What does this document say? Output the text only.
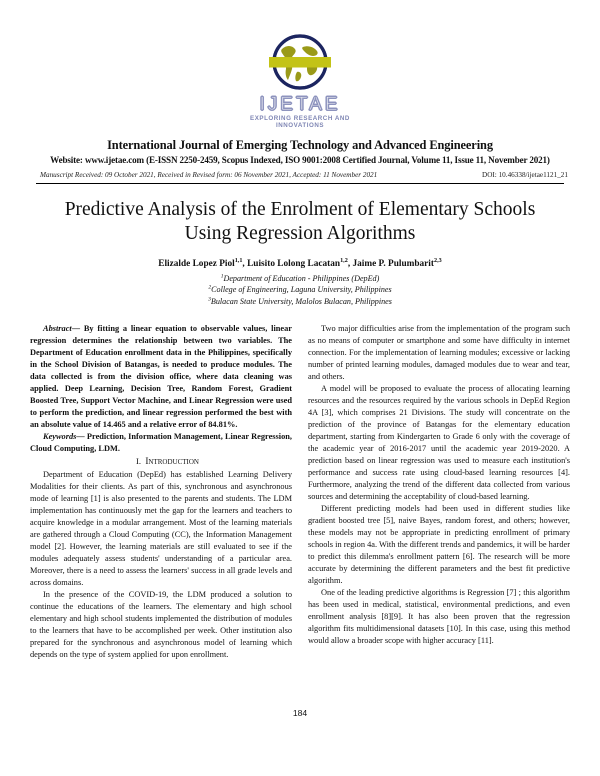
IJETAE
EXPLORING RESEARCH AND INNOVATIONS
International Journal of Emerging Technology and Advanced Engineering
Website: www.ijetae.com (E-ISSN 2250-2459, Scopus Indexed, ISO 9001:2008 Certified Journal, Volume 11, Issue 11, November 2021)
Manuscript Received: 09 October 2021, Received in Revised form: 06 November 2021, Accepted: 11 November 2021	DOI: 10.46338/ijetae1121_21
Predictive Analysis of the Enrolment of Elementary Schools
Using Regression Algorithms
Elizalde Lopez Piol$^{1,1}$, Luisito Lolong Lacatan$^{1,2}$, Jaime P. Pulumbarit$^{2,3}$
$^1$Department of Education - Philippines (DepEd)
$^2$College of Engineering, Laguna University, Philippines
$^3$Bulacan State University, Malolos Bulacan, Philippines

Abstract— By fitting a linear equation to observable values, linear regression determines the relationship between two variables. The Department of Education enrollment data in the Philippines, specifically in the School Division of Batangas, is needed to produce modules. The data collected is from the division office, where data cleaning was applied. Deep Learning, Decision Tree, Random Forest, Gradient Boosted Tree, Support Vector Machine, and Linear Regression were used to perform the prediction, and linear regression performed the best with an absolute value of 14.465 and a relative error of 84.81%.

Keywords— Prediction, Information Management, Linear Regression, Cloud Computing, LDM.

I. Introduction

Department of Education (DepEd) has established Learning Delivery Modalities for their clients. As part of this, synchronous and asynchronous mode of learning [1] is also presented to the parents and students. The LDM implementation has continuously met the gap for the learners and teachers to acquire knowledge in a modular arrangement. Most of the learning materials are gathered through a Cloud Computing (CC), the Information Management model [2]. However, the learning materials are still evaluated to see if the modules adequately assess students' understanding of a particular area. Moreover, there is a need to assess the learners' success in all grade levels and across domains.

In the presence of the COVID-19, the LDM produced a solution to continue the educations of the learners. The elementary and high school elementary and high school students implemented the distribution of modules to the learners that have to be accomplished per week. Other institution also prepared for the synchronous and asynchronous model of learning which depends on the type of system applied for upon enrollment.

Two major difficulties arise from the implementation of the program such as no means of computer or smartphone and some have difficulty in internet connection. For the implementation of learning modules; excessive or lacking number of printed learning modules, damaged modules due to wear and tear, and others.

A model will be proposed to evaluate the process of allocating learning resources and the resources required by the various schools in DepEd Region 4A [3], which comprises 21 Divisions. The study will concentrate on the prediction of the province of Batangas for the elementary education department, starting from Kindergarten to Grade 6 only with the coverage of the academic year of 2016-2017 until the academic year 2019-2020. A prediction based on linear regression was used to measure each institution's performance and success rate using cloud-based learning resources [4]. Furthermore, analyzing the trend of the different data collected from various sources and determining the acceptability of cloud-based learning.

Different predicting models had been used in different studies like gradient boosted tree [5], naive Bayes, random forest, and others; however, these models may not be appropriate in predicting enrollment of primary schools in region 4a. With the different trends and pandemics, it will be harder to predict this dilemma's enrollment pattern [6]. The research will be more accurate by determining the different parameters and the best fit predictive algorithm.

One of the leading predictive algorithms is Regression [7] ; this algorithm has been used in medical, statistical, environmental predictions, and even enrollment analysis [8][9]. It has also been proven that the regression algorithm fits multidimensional datasets [10]. In this case, using this method would allow a broader scope with higher accuracy [11].

184
